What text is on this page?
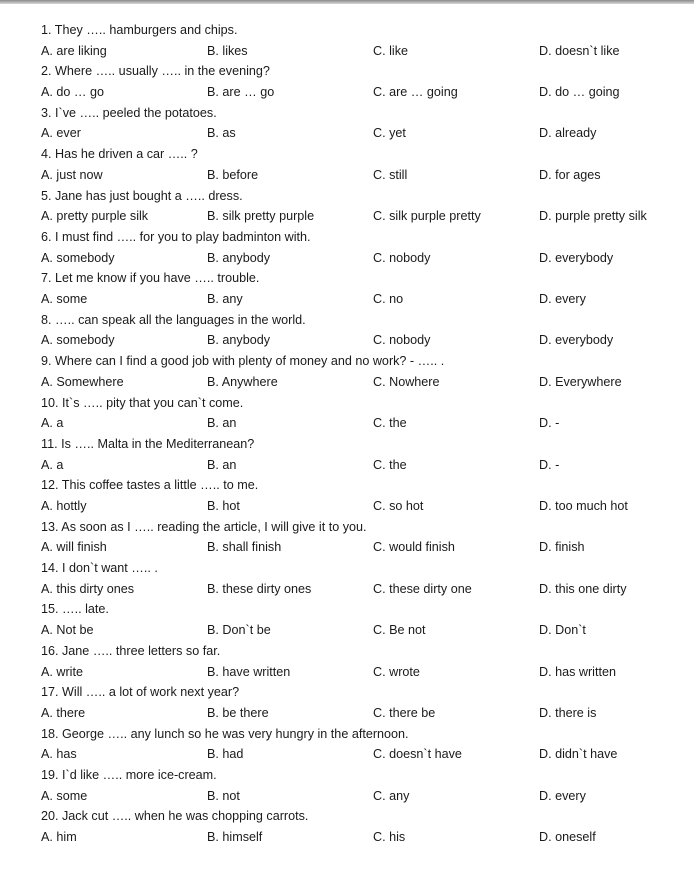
1. They ….. hamburgers and chips.
A. are liking	B. likes	C. like	D. doesn`t like
2. Where ….. usually ….. in the evening?
A. do … go	B. are … go	C. are … going	D. do … going
3. I`ve ….. peeled the potatoes.
A. ever	B. as	C. yet	D. already
4. Has he driven a car ….. ?
A. just now	B. before	C. still	D. for ages
5. Jane has just bought a ….. dress.
A. pretty purple silk	B. silk pretty purple	C. silk purple pretty	D. purple pretty silk
6. I must find ….. for you to play badminton with.
A. somebody	B. anybody	C. nobody	D. everybody
7. Let me know if you have ….. trouble.
A. some	B. any	C. no	D. every
8. ….. can speak all the languages in the world.
A. somebody	B. anybody	C. nobody	D. everybody
9. Where can I find a good job with plenty of money and no work? - ….. .
A. Somewhere	B. Anywhere	C. Nowhere	D. Everywhere
10. It`s ….. pity that you can`t come.
A. a	B. an	C. the	D. -
11. Is ….. Malta in the Mediterranean?
A. a	B. an	C. the	D. -
12. This coffee tastes a little ….. to me.
A. hottly	B. hot	C. so hot	D. too much hot
13. As soon as I ….. reading the article, I will give it to you.
A. will finish	B. shall finish	C. would finish	D. finish
14. I don`t want ….. .
A. this dirty ones	B. these dirty ones	C. these dirty one	D. this one dirty
15. ….. late.
A. Not be	B. Don`t be	C. Be not	D. Don`t
16. Jane ….. three letters so far.
A. write	B. have written	C. wrote	D. has written
17. Will ….. a lot of work next year?
A. there	B. be there	C. there be	D. there is
18. George ….. any lunch so he was very hungry in the afternoon.
A. has	B. had	C. doesn`t have	D. didn`t have
19. I`d like ….. more ice-cream.
A. some	B. not	C. any	D. every
20. Jack cut ….. when he was chopping carrots.
A. him	B. himself	C. his	D. oneself
